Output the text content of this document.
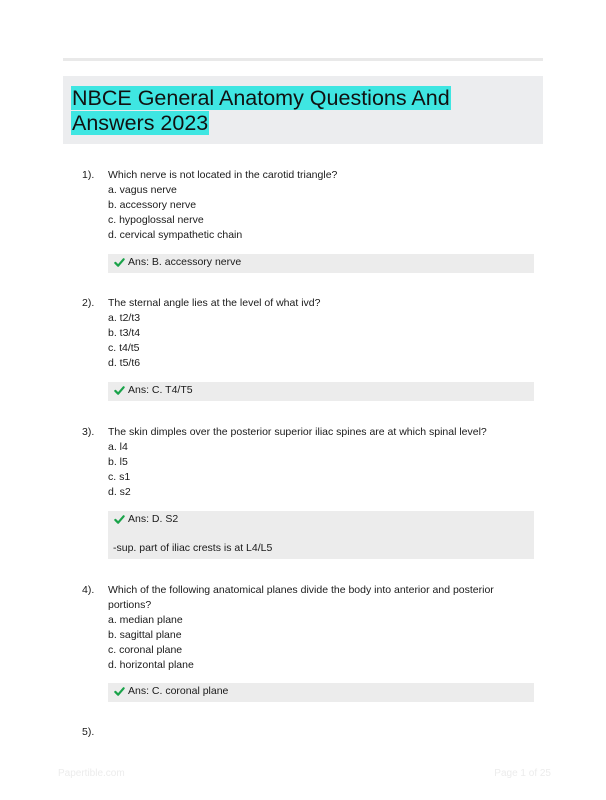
NBCE General Anatomy Questions And Answers 2023
1). Which nerve is not located in the carotid triangle?
a. vagus nerve
b. accessory nerve
c. hypoglossal nerve
d. cervical sympathetic chain
Ans: B. accessory nerve
2). The sternal angle lies at the level of what ivd?
a. t2/t3
b. t3/t4
c. t4/t5
d. t5/t6
Ans: C. T4/T5
3). The skin dimples over the posterior superior iliac spines are at which spinal level?
a. l4
b. l5
c. s1
d. s2
Ans: D. S2
-sup. part of iliac crests is at L4/L5
4). Which of the following anatomical planes divide the body into anterior and posterior portions?
a. median plane
b. sagittal plane
c. coronal plane
d. horizontal plane
Ans: C. coronal plane
5).
Papertible.com	Page 1 of 25
